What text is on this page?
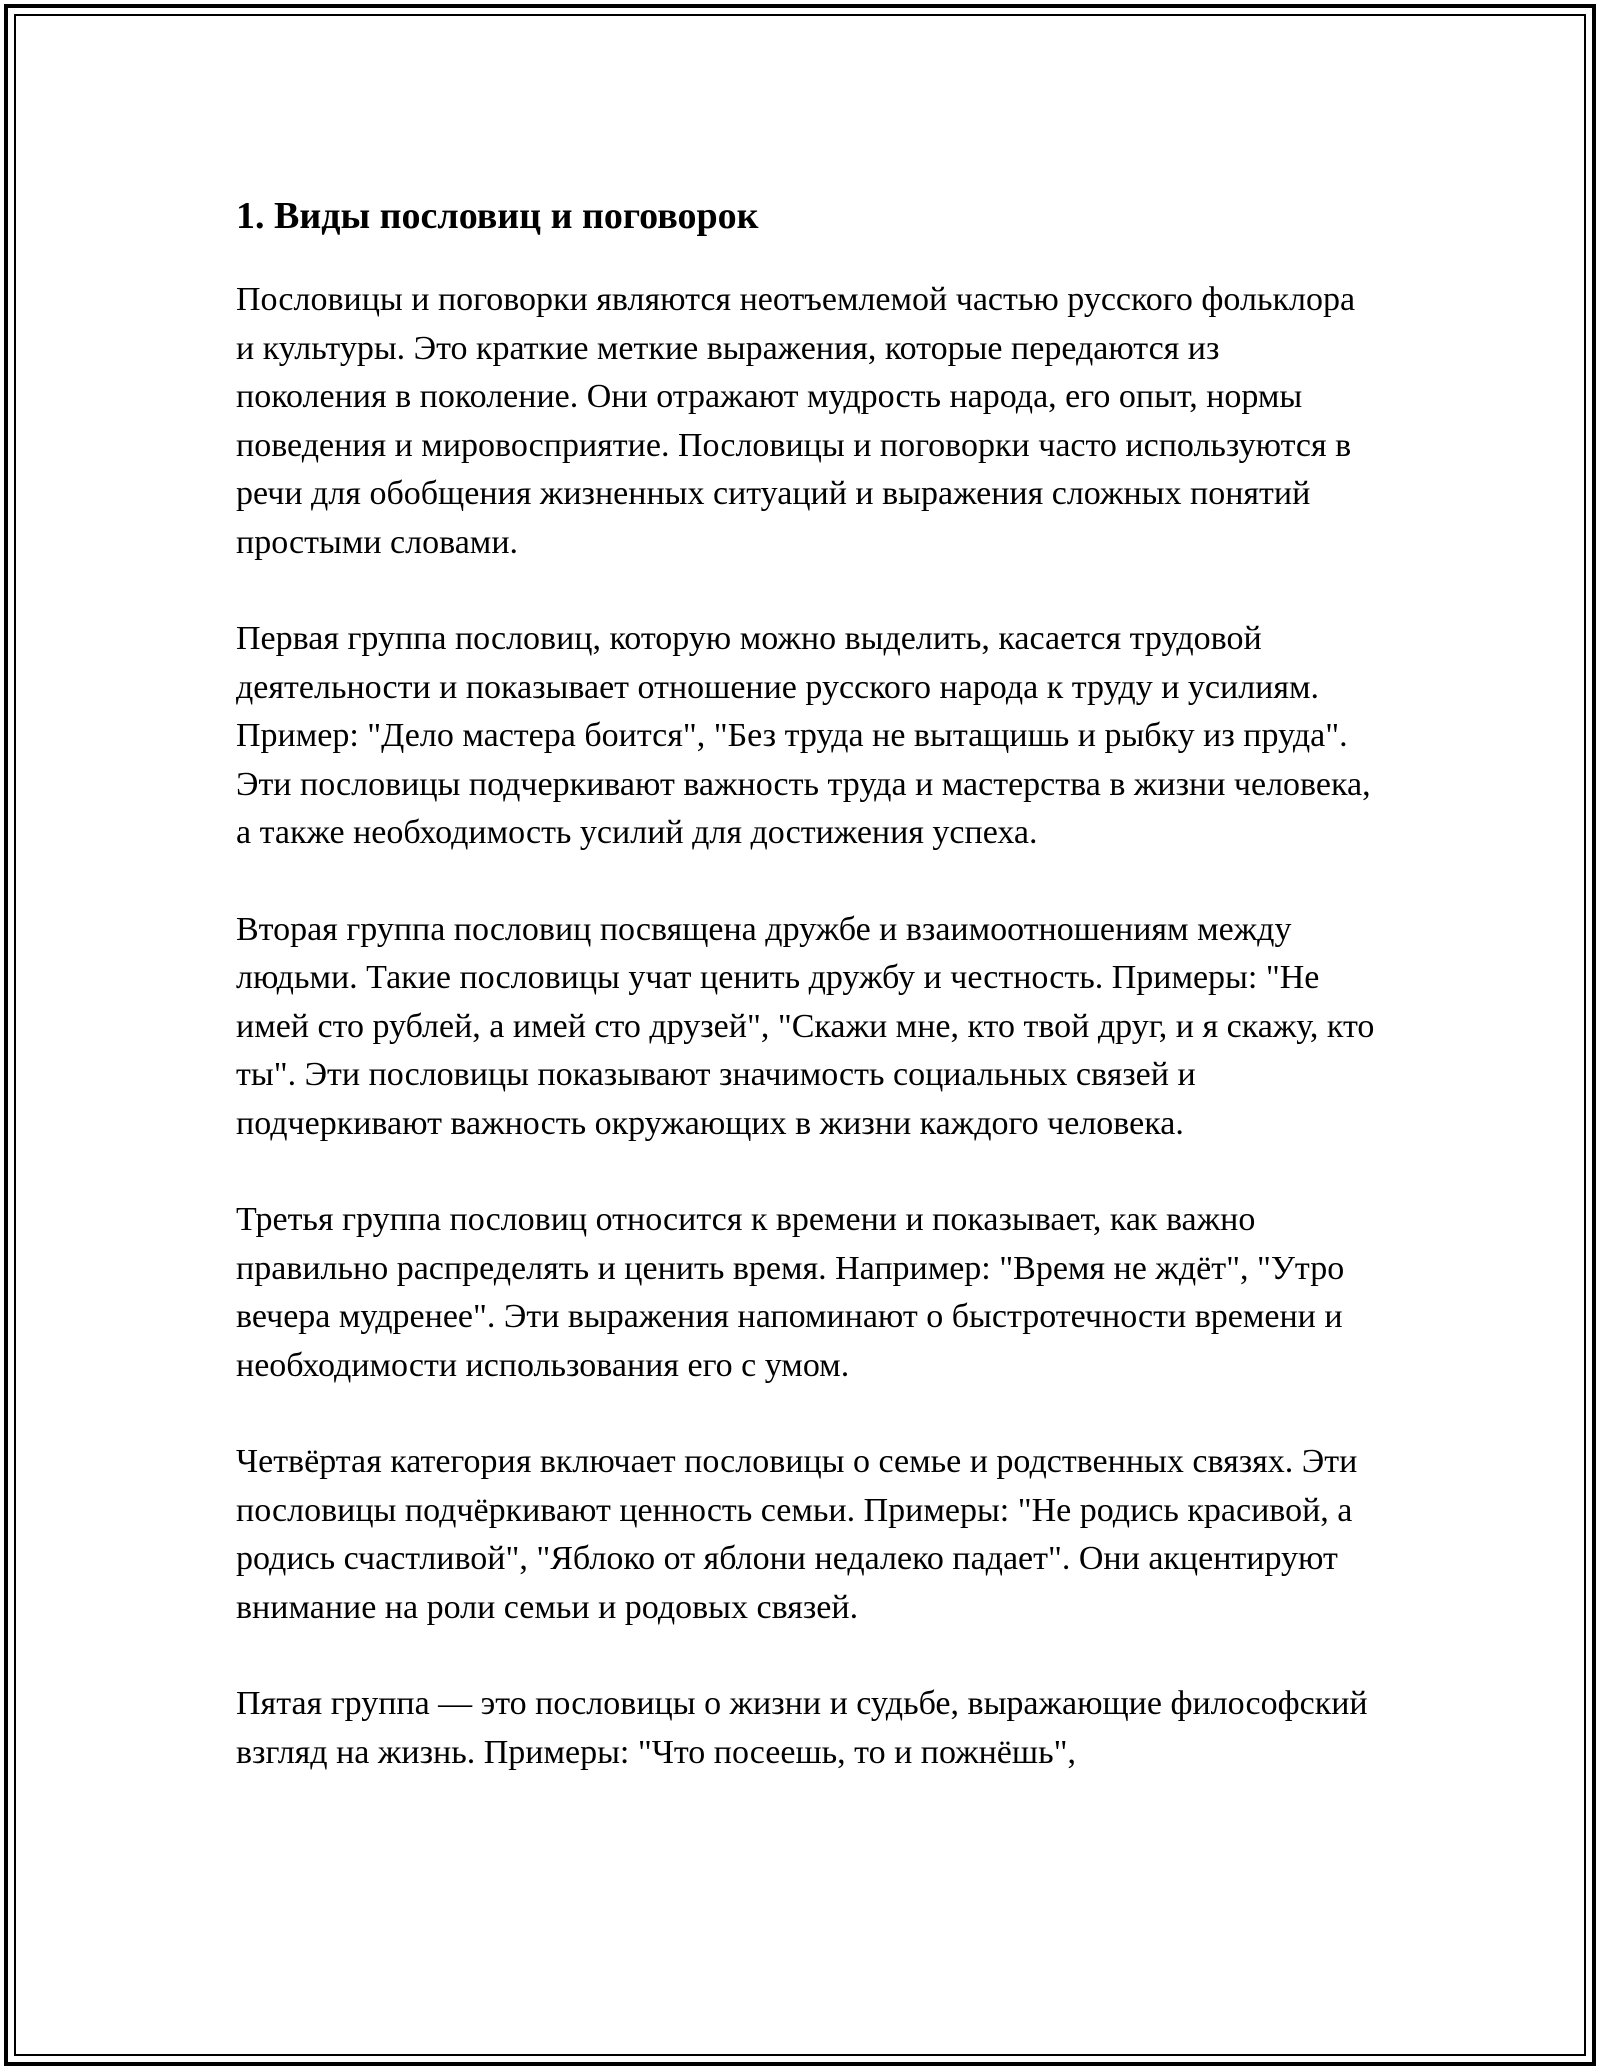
1. Виды пословиц и поговорок

Пословицы и поговорки являются неотъемлемой частью русского фольклора и культуры. Это краткие меткие выражения, которые передаются из поколения в поколение. Они отражают мудрость народа, его опыт, нормы поведения и мировосприятие. Пословицы и поговорки часто используются в речи для обобщения жизненных ситуаций и выражения сложных понятий простыми словами.

Первая группа пословиц, которую можно выделить, касается трудовой деятельности и показывает отношение русского народа к труду и усилиям. Пример: "Дело мастера боится", "Без труда не вытащишь и рыбку из пруда". Эти пословицы подчеркивают важность труда и мастерства в жизни человека, а также необходимость усилий для достижения успеха.

Вторая группа пословиц посвящена дружбе и взаимоотношениям между людьми. Такие пословицы учат ценить дружбу и честность. Примеры: "Не имей сто рублей, а имей сто друзей", "Скажи мне, кто твой друг, и я скажу, кто ты". Эти пословицы показывают значимость социальных связей и подчеркивают важность окружающих в жизни каждого человека.

Третья группа пословиц относится к времени и показывает, как важно правильно распределять и ценить время. Например: "Время не ждёт", "Утро вечера мудренее". Эти выражения напоминают о быстротечности времени и необходимости использования его с умом.

Четвёртая категория включает пословицы о семье и родственных связях. Эти пословицы подчёркивают ценность семьи. Примеры: "Не родись красивой, а родись счастливой", "Яблоко от яблони недалеко падает". Они акцентируют внимание на роли семьи и родовых связей.

Пятая группа — это пословицы о жизни и судьбе, выражающие философский взгляд на жизнь. Примеры: "Что посеешь, то и пожнёшь",
